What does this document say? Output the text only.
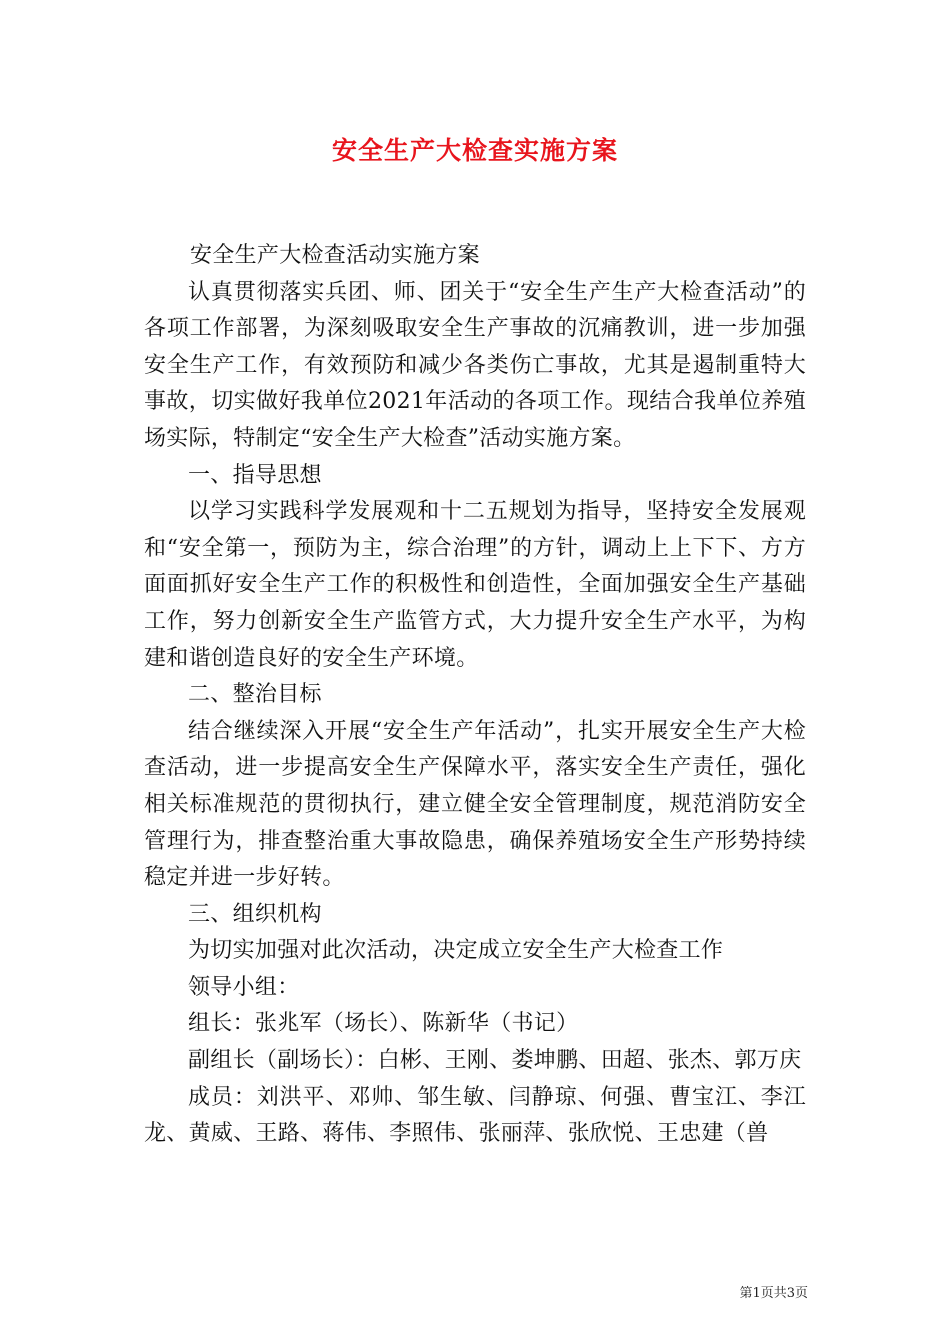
安全生产大检查实施方案

安全生产大检查活动实施方案

认真贯彻落实兵团、师、团关于“安全生产生产大检查活动”的各项工作部署，为深刻吸取安全生产事故的沉痛教训，进一步加强安全生产工作，有效预防和减少各类伤亡事故，尤其是遏制重特大事故，切实做好我单位2021年活动的各项工作。现结合我单位养殖场实际，特制定“安全生产大检查”活动实施方案。

一、指导思想

以学习实践科学发展观和十二五规划为指导，坚持安全发展观和“安全第一，预防为主，综合治理”的方针，调动上上下下、方方面面抓好安全生产工作的积极性和创造性，全面加强安全生产基础工作，努力创新安全生产监管方式，大力提升安全生产水平，为构建和谐创造良好的安全生产环境。

二、整治目标

结合继续深入开展“安全生产年活动”，扎实开展安全生产大检查活动，进一步提高安全生产保障水平，落实安全生产责任，强化相关标准规范的贯彻执行，建立健全安全管理制度，规范消防安全管理行为，排查整治重大事故隐患，确保养殖场安全生产形势持续稳定并进一步好转。

三、组织机构

为切实加强对此次活动，决定成立安全生产大检查工作

领导小组：

组长：张兆军（场长）、陈新华（书记）

副组长（副场长）：白彬、王刚、娄坤鹏、田超、张杰、郭万庆

成员：刘洪平、邓帅、邹生敏、闫静琼、何强、曹宝江、李江龙、黄威、王路、蒋伟、李照伟、张丽萍、张欣悦、王忠建（兽

第1页共3页
